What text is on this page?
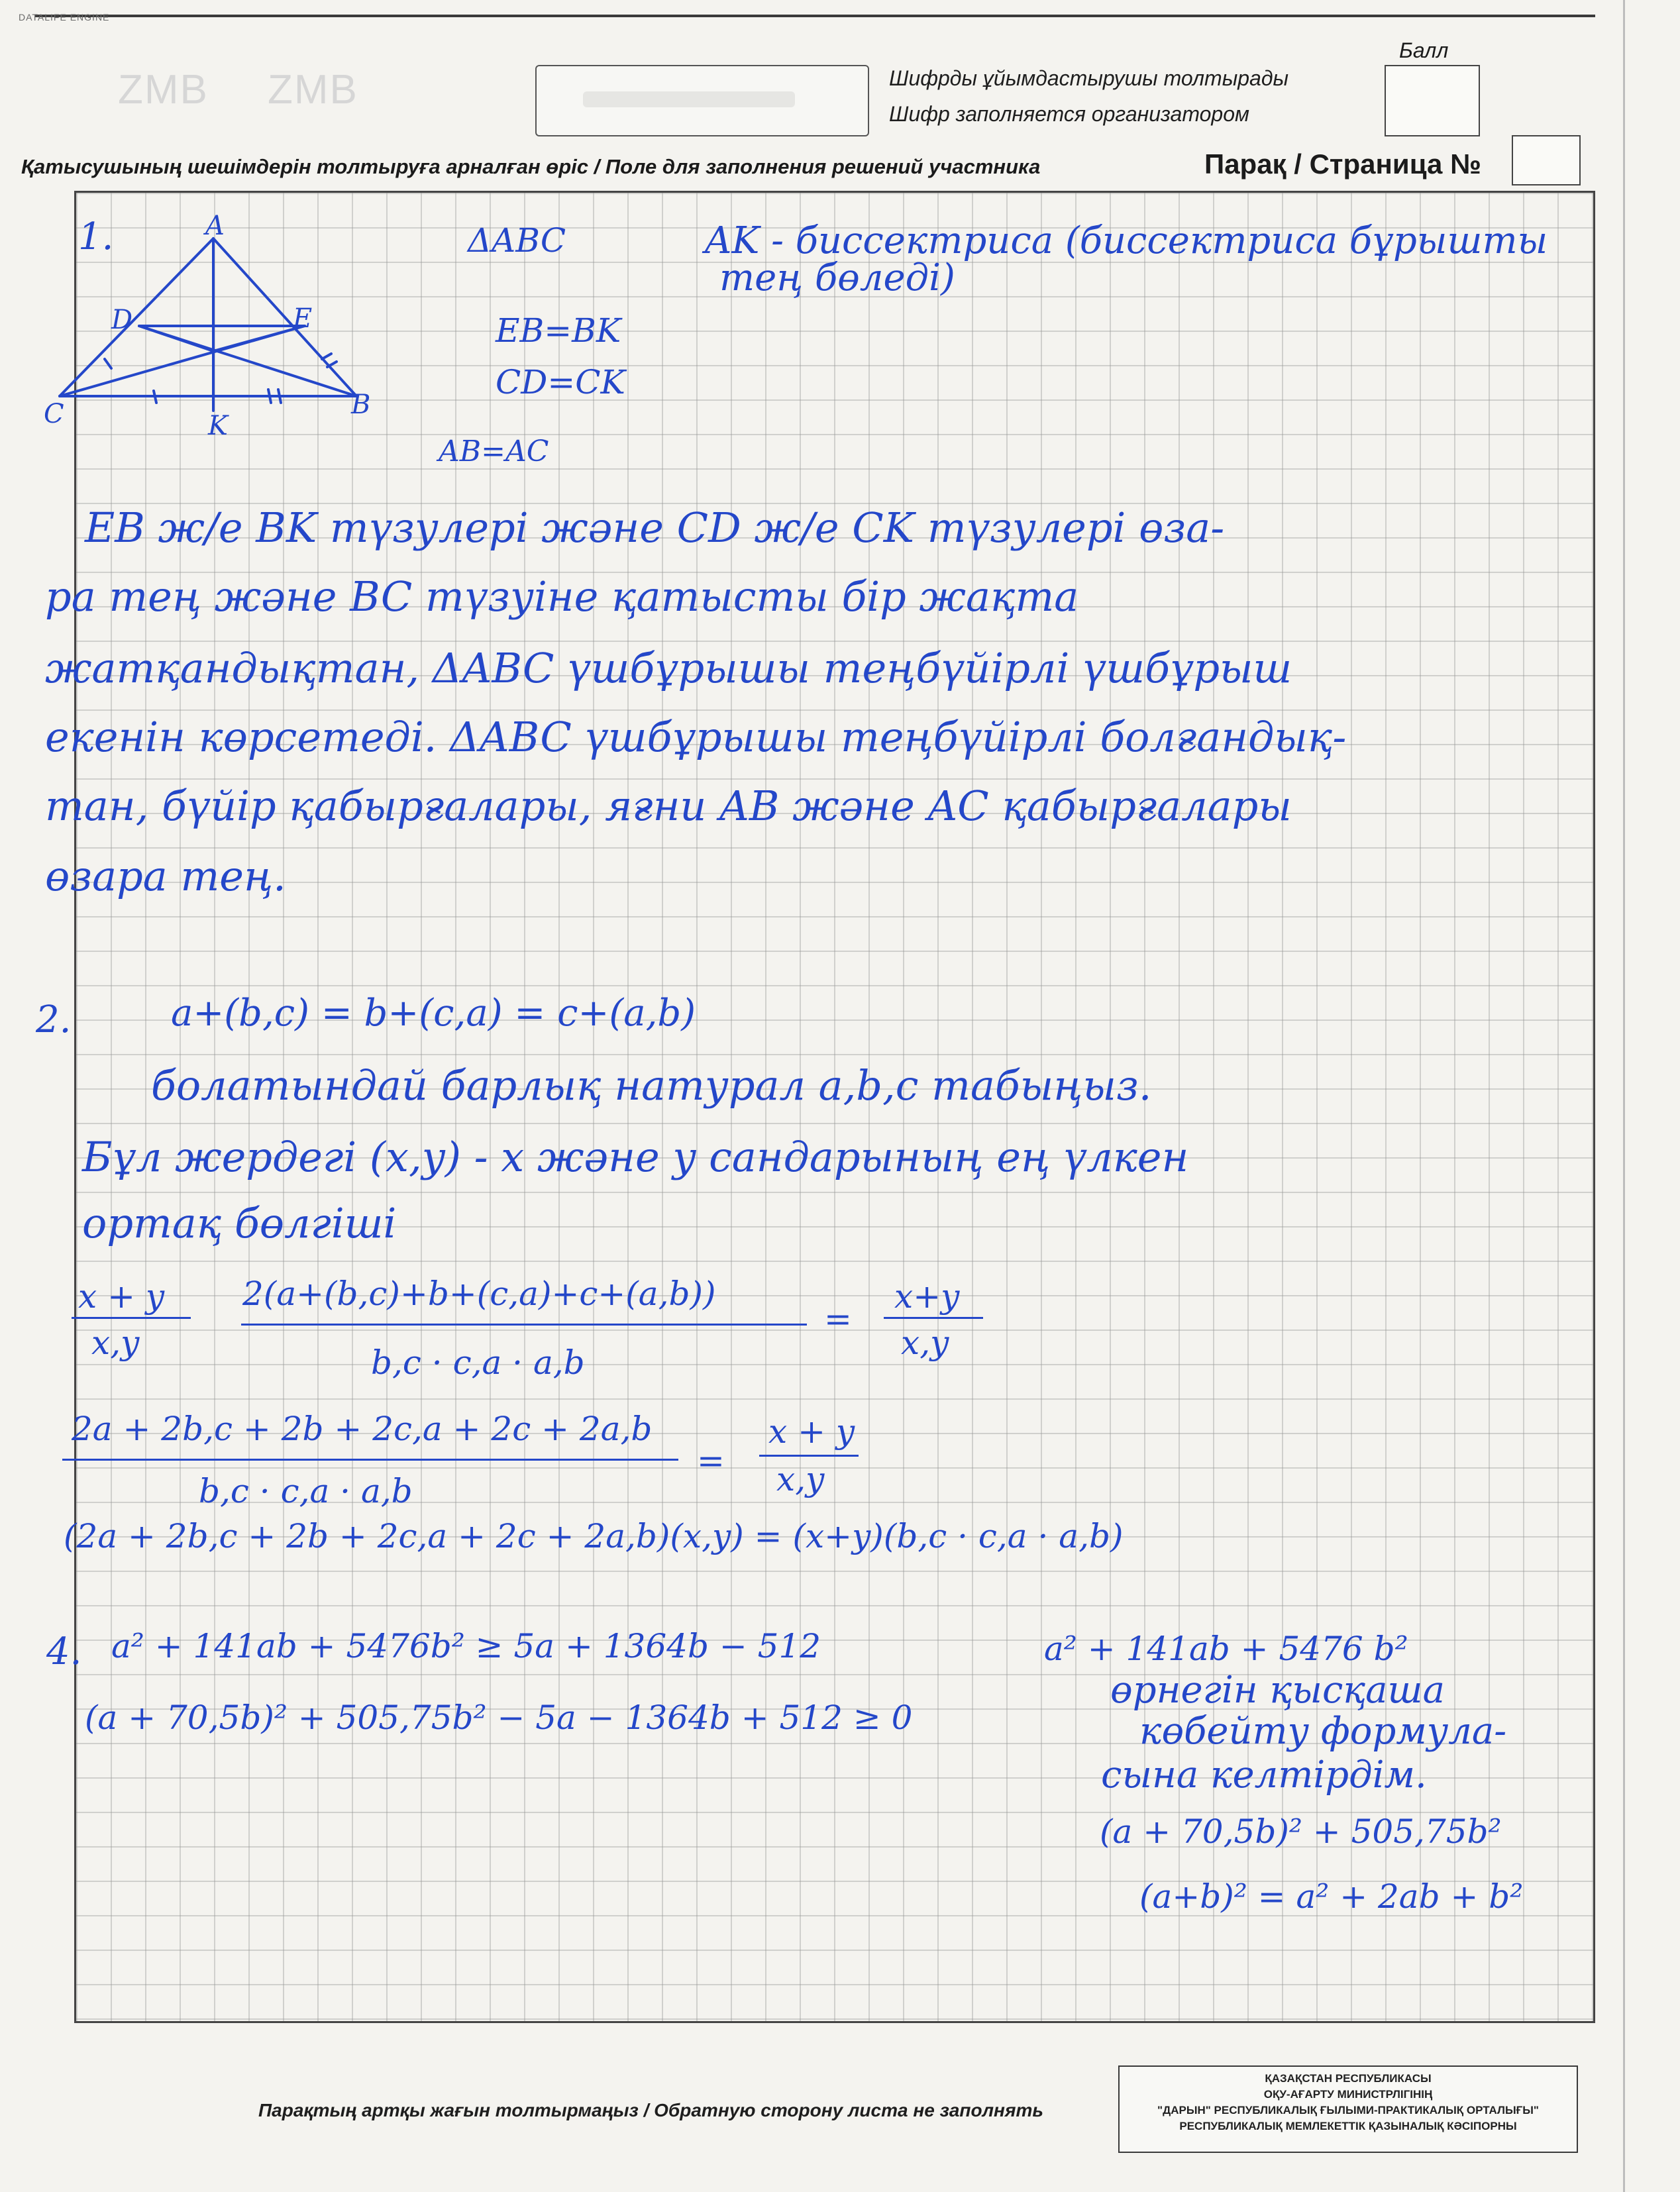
DATALIFE ENGINE
ZMB ZMB	Шифрды ұйымдастырушы толтырады
Шифр заполняется организатором
Балл
Қатысушының шешімдерін толтыруға арналған өріс / Поле для заполнения решений участника	Парақ / Страница №
1.	A
D	E
C	K
B
ΔABC
EB=BK
CD=CK
AB=AC
AK - биссектриса (биссектриса бұрышты
тең бөледі)
EB ж/е BK түзулері және CD ж/е CK түзулері өза-
ра тең және BC түзуіне қатысты бір жақта
жатқандықтан, ΔABC үшбұрышы теңбүйірлі үшбұрыш
екенін көрсетеді. ΔABC үшбұрышы теңбүйірлі болғандық-
тан, бүйір қабырғалары, яғни AB және AC қабырғалары
өзара тең.
2.	a+(b,c) = b+(c,a) = c+(a,b)
болатындай барлық натурал a,b,c табыңыз.
Бұл жердегі (x,y) - x және y сандарының ең үлкен
ортақ бөлгіші
x + y
x,y
2(a+(b,c)+b+(c,a)+c+(a,b))
b,c · c,a · a,b
=
x+y
x,y
2a + 2b,c + 2b + 2c,a + 2c + 2a,b
b,c · c,a · a,b
=
x + y
x,y
(2a + 2b,c + 2b + 2c,a + 2c + 2a,b)(x,y) = (x+y)(b,c · c,a · a,b)
4. a² + 141ab + 5476b² ≥ 5a + 1364b − 512
(a + 70,5b)² + 505,75b² − 5a − 1364b + 512 ≥ 0
a² + 141ab + 5476 b²
өрнегін қысқаша
көбейту формула-
сына келтірдім.
(a + 70,5b)² + 505,75b²
(a+b)² = a² + 2ab + b²
Парақтың артқы жағын толтырмаңыз / Обратную сторону листа не заполнять
ҚАЗАҚСТАН РЕСПУБЛИКАСЫ
ОҚУ-АҒАРТУ МИНИСТРЛІГІНІҢ
"ДАРЫН" РЕСПУБЛИКАЛЫҚ ҒЫЛЫМИ-ПРАКТИКАЛЫҚ ОРТАЛЫҒЫ"
РЕСПУБЛИКАЛЫҚ МЕМЛЕКЕТТІК ҚАЗЫНАЛЫҚ КӘСІПОРНЫ
